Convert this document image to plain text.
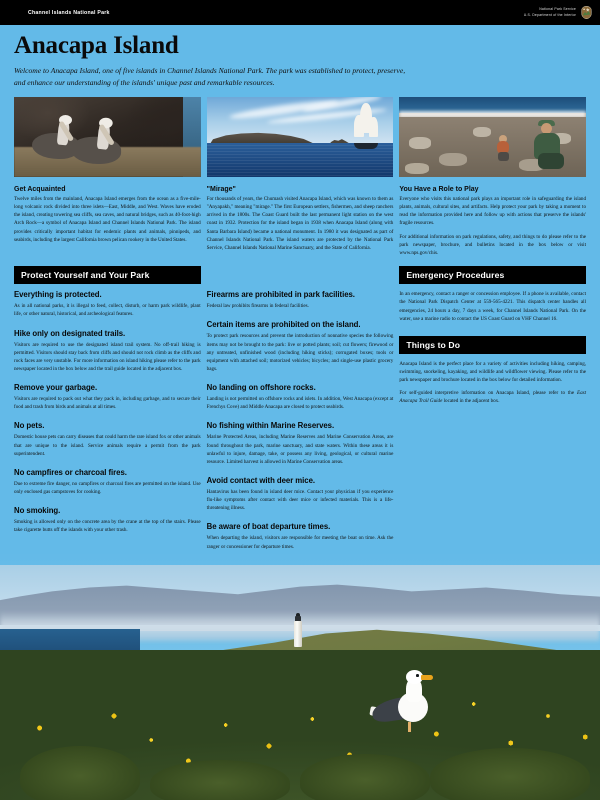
Channel Islands National Park
National Park Service
U.S. Department of the Interior
Anacapa Island

Welcome to Anacapa Island, one of five islands in Channel Islands National Park. The park was established to protect, preserve, and enhance our understanding of the islands' unique past and remarkable resources.

Get Acquainted

Twelve miles from the mainland, Anacapa Island emerges from the ocean as a five-mile-long volcanic rock divided into three islets—East, Middle, and West. Waves have eroded the island, creating towering sea cliffs, sea caves, and natural bridges, such as 40-foot-high Arch Rock—a symbol of Anacapa Island and Channel Islands National Park. The island provides critically important habitat for endemic plants and animals, pinnipeds, and seabirds, including the largest California brown pelican rookery in the United States.

"Mirage"

For thousands of years, the Chumash visited Anacapa Island, which was known to them as "Anyapakh," meaning "mirage." The first European settlers, fishermen, and sheep ranchers arrived in the 1800s. The Coast Guard built the last permanent light station on the west coast in 1932. Protection for the island began in 1938 when Anacapa Island (along with Santa Barbara Island) became a national monument. In 1980 it was designated as part of Channel Islands National Park. The island waters are protected by the National Park Service, Channel Islands National Marine Sanctuary, and the State of California.

You Have a Role to Play

Everyone who visits this national park plays an important role in safeguarding the island plants, animals, cultural sites, and artifacts. Help protect your park by taking a moment to read the information provided here and follow up with actions that preserve the islands' fragile resources.

For additional information on park regulations, safety, and things to do please refer to the park newspaper, brochure, and bulletins located in the box below or visit www.nps.gov/chis.

Protect Yourself and Your Park
Everything is protected.

As in all national parks, it is illegal to feed, collect, disturb, or harm park wildlife, plant life, or other natural, historical, and archeological features.

Hike only on designated trails.

Visitors are required to use the designated island trail system. No off-trail hiking is permitted. Visitors should stay back from cliffs and should not rock climb as the cliffs and rock faces are very unstable. For more information on island hiking please refer to the park newspaper located in the box below and the trail guide located in the adjacent box.

Remove your garbage.

Visitors are required to pack out what they pack in, including garbage, and to secure their food and trash from birds and animals at all times.

No pets.

Domestic house pets can carry diseases that could harm the rare island fox or other animals that are unique to the island. Service animals require a permit from the park superintendent.

No campfires or charcoal fires.

Due to extreme fire danger, no campfires or charcoal fires are permitted on the island. Use only enclosed gas campstoves for cooking.

No smoking.

Smoking is allowed only on the concrete area by the crane at the top of the stairs. Please take cigarette butts off the islands with your other trash.

Firearms are prohibited in park facilities.

Federal law prohibits firearms in federal facilities.

Certain items are prohibited on the island.

To protect park resources and prevent the introduction of nonnative species the following items may not be brought to the park: live or potted plants; soil; cut flowers; firewood or any untreated, unfinished wood (including hiking sticks); corrugated boxes; tools or equipment with attached soil; motorized vehicles; bicycles; and single-use plastic grocery bags.

No landing on offshore rocks.

Landing is not permitted on offshore rocks and islets. In addition, West Anacapa (except at Frenchys Cove) and Middle Anacapa are closed to protect seabirds.

No fishing within Marine Reserves.

Marine Protected Areas, including Marine Reserves and Marine Conservation Areas, are found throughout the park, marine sanctuary, and state waters. Within these areas it is unlawful to injure, damage, take, or possess any living, geological, or cultural marine resource. Limited harvest is allowed in Marine Conservation areas.

Avoid contact with deer mice.

Hantavirus has been found in island deer mice. Contact your physician if you experience flu-like symptoms after contact with deer mice or infected materials. This is a life-threatening illness.

Be aware of boat departure times.

When departing the island, visitors are responsible for meeting the boat on time. Ask the ranger or concessioner for departure times.

Emergency Procedures

In an emergency, contact a ranger or concession employee. If a phone is available, contact the National Park Dispatch Center at 559-565-4221. This dispatch center handles all emergencies, 24 hours a day, 7 days a week, for Channel Islands National Park. On the water, use a marine radio to contact the US Coast Guard on VHF Channel 16.

Things to Do

Anacapa Island is the perfect place for a variety of activities including hiking, camping, swimming, snorkeling, kayaking, and wildlife and wildflower viewing. Please refer to the park newspaper and brochure located in the box below for detailed information.

For self-guided interpretive information on Anacapa Island, please refer to the East Anacapa Trail Guide located in the adjacent box.
